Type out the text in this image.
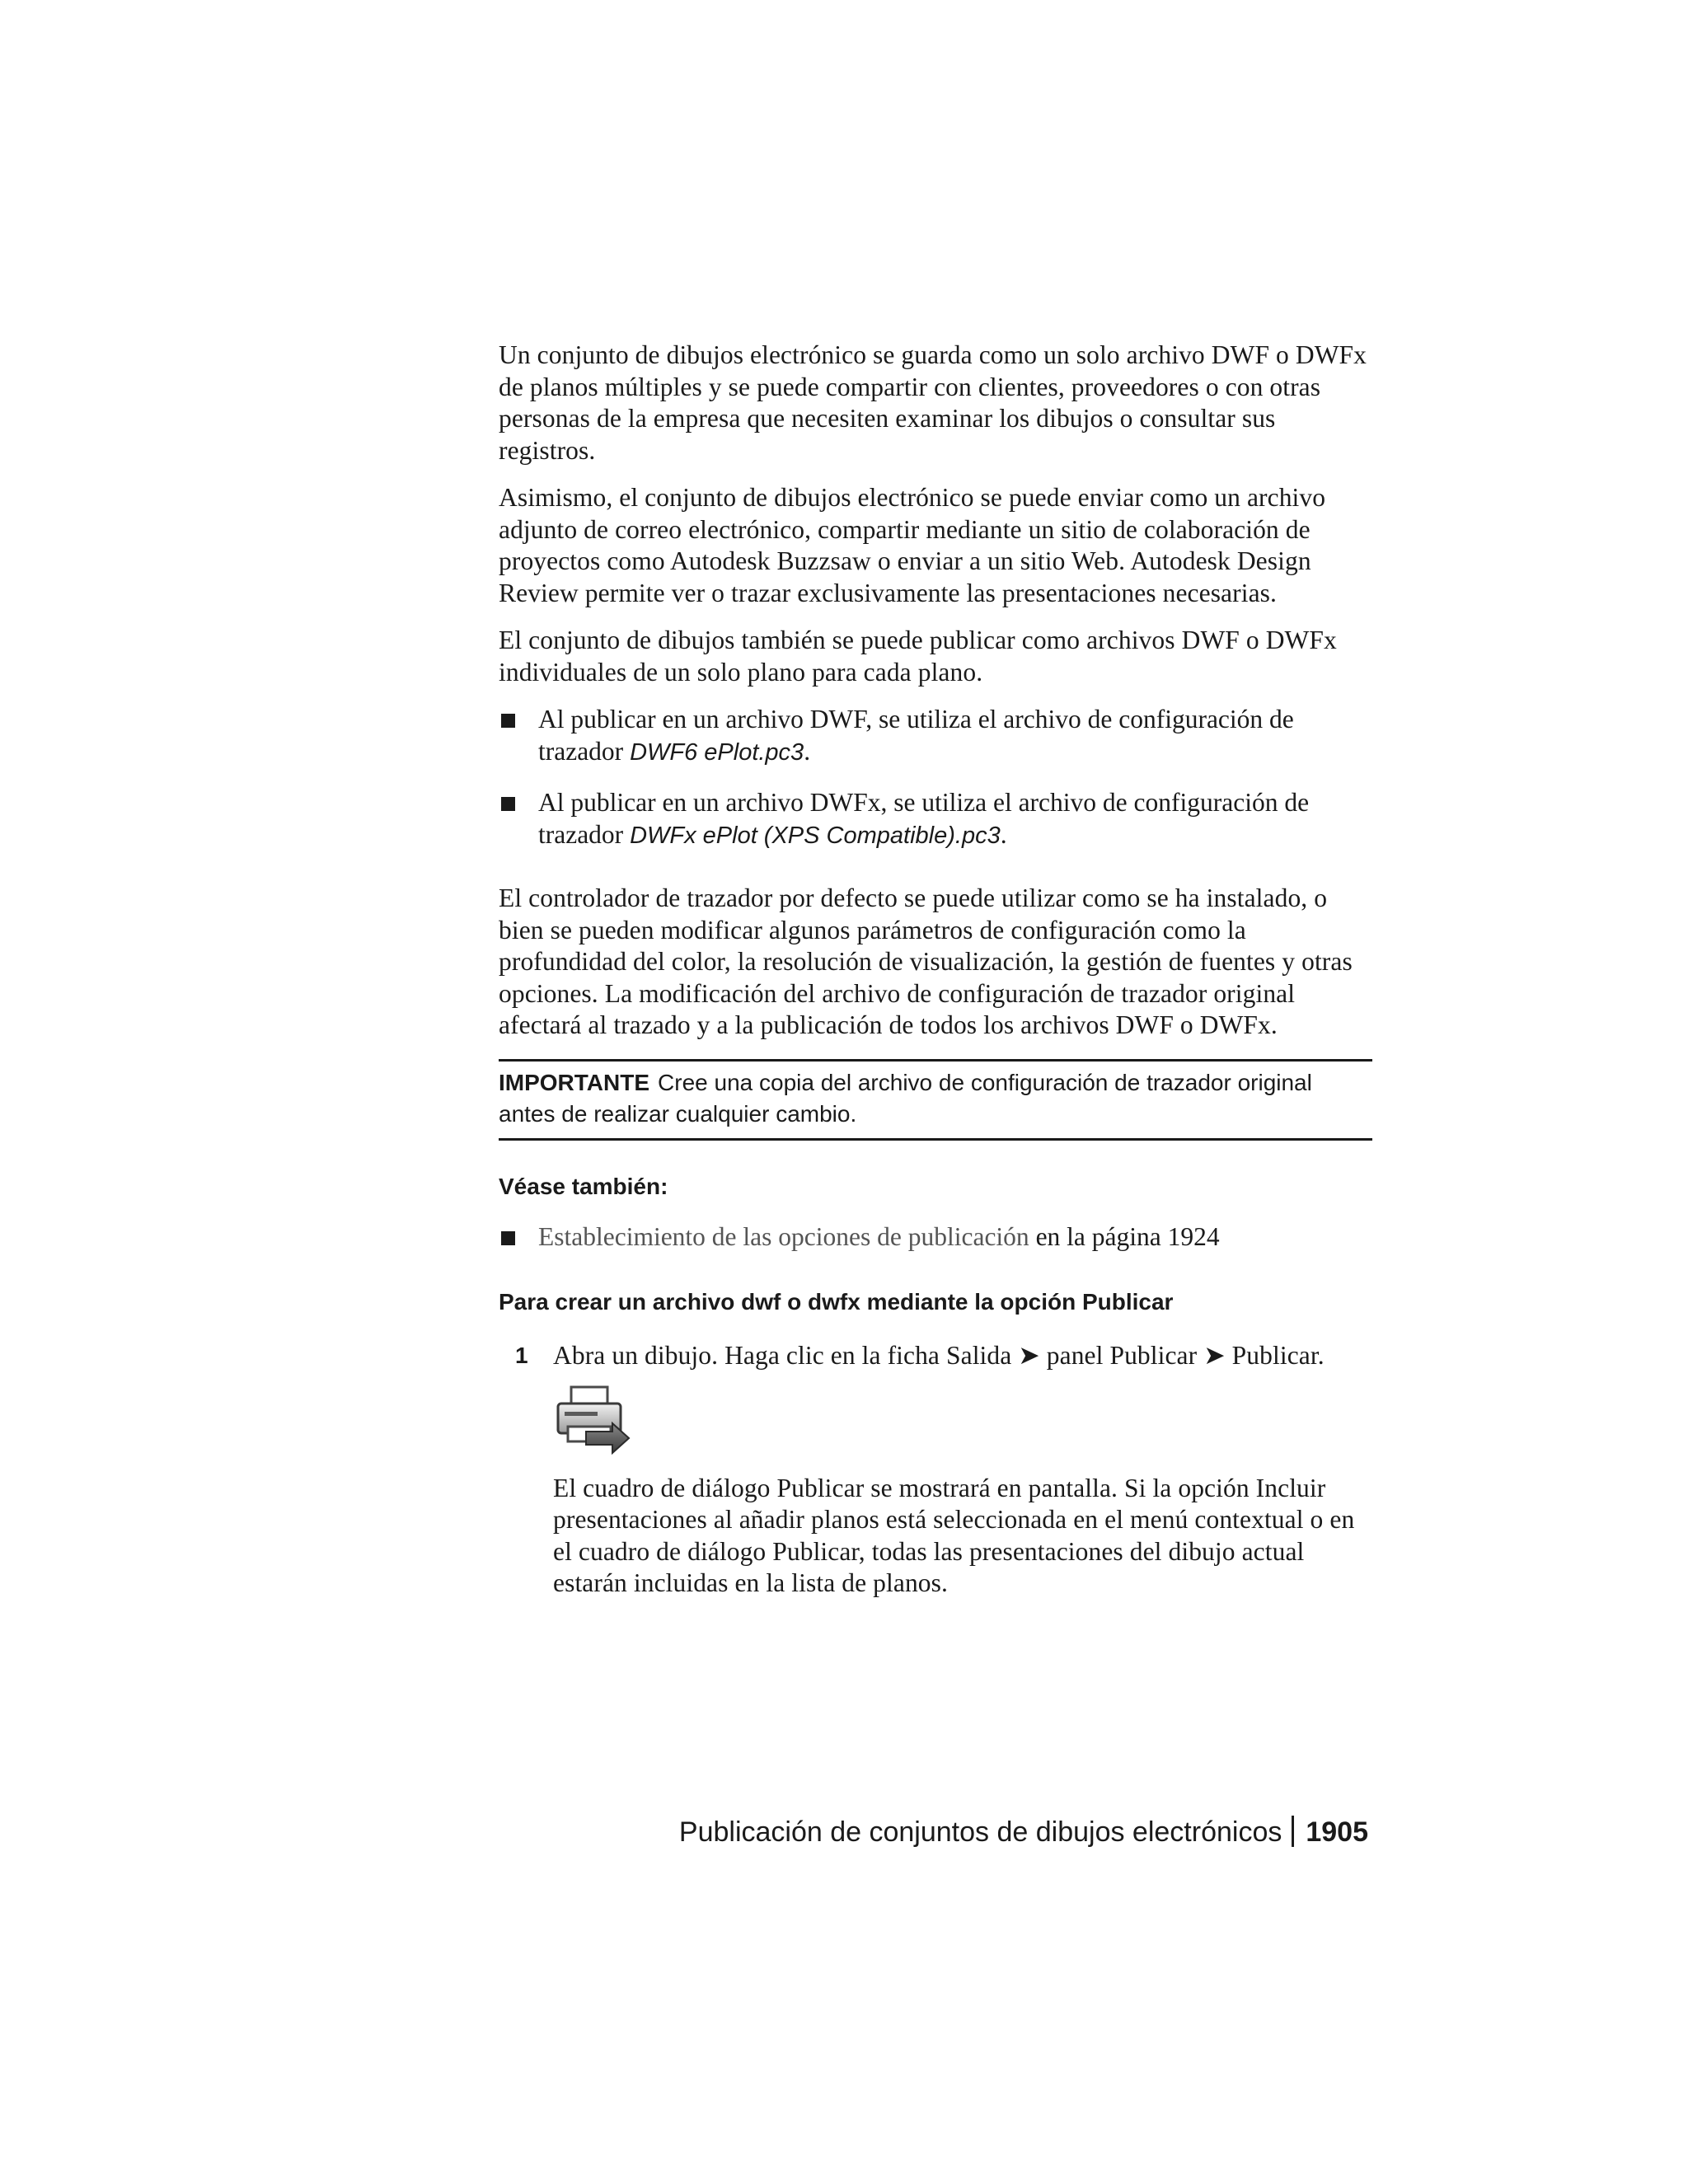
Un conjunto de dibujos electrónico se guarda como un solo archivo DWF o DWFx de planos múltiples y se puede compartir con clientes, proveedores o con otras personas de la empresa que necesiten examinar los dibujos o consultar sus registros.

Asimismo, el conjunto de dibujos electrónico se puede enviar como un archivo adjunto de correo electrónico, compartir mediante un sitio de colaboración de proyectos como Autodesk Buzzsaw o enviar a un sitio Web. Autodesk Design Review permite ver o trazar exclusivamente las presentaciones necesarias.

El conjunto de dibujos también se puede publicar como archivos DWF o DWFx individuales de un solo plano para cada plano.

Al publicar en un archivo DWF, se utiliza el archivo de configuración de trazador DWF6 ePlot.pc3.
Al publicar en un archivo DWFx, se utiliza el archivo de configuración de trazador DWFx ePlot (XPS Compatible).pc3.

El controlador de trazador por defecto se puede utilizar como se ha instalado, o bien se pueden modificar algunos parámetros de configuración como la profundidad del color, la resolución de visualización, la gestión de fuentes y otras opciones. La modificación del archivo de configuración de trazador original afectará al trazado y a la publicación de todos los archivos DWF o DWFx.

IMPORTANTE Cree una copia del archivo de configuración de trazador original antes de realizar cualquier cambio.
Véase también:
Establecimiento de las opciones de publicación en la página 1924
Para crear un archivo dwf o dwfx mediante la opción Publicar
1 Abra un dibujo. Haga clic en la ficha Salida ➤ panel Publicar ➤ Publicar.

El cuadro de diálogo Publicar se mostrará en pantalla. Si la opción Incluir presentaciones al añadir planos está seleccionada en el menú contextual o en el cuadro de diálogo Publicar, todas las presentaciones del dibujo actual estarán incluidas en la lista de planos.

Publicación de conjuntos de dibujos electrónicos 1905
